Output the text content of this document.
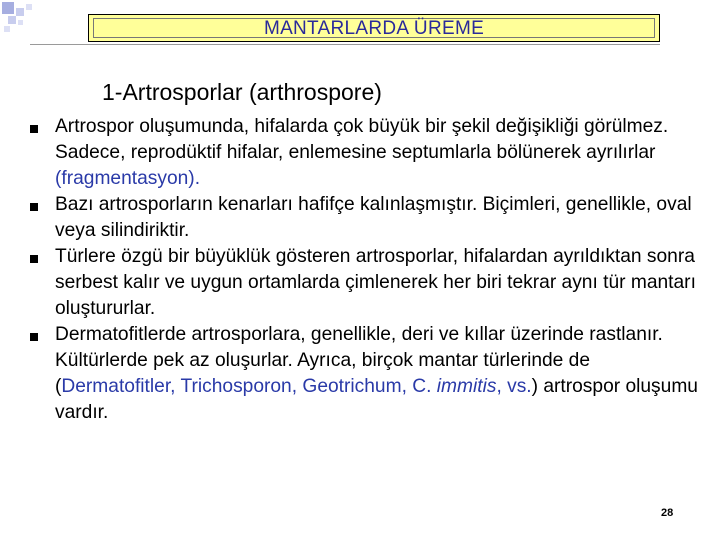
MANTARLARDA ÜREME
1-Artrosporlar (arthrospore)
Artrospor oluşumunda, hifalarda çok büyük bir şekil değişikliği görülmez. Sadece, reprodüktif hifalar, enlemesine septumlarla bölünerek ayrılırlar (fragmentasyon).
Bazı artrosporların kenarları hafifçe kalınlaşmıştır. Biçimleri, genellikle, oval veya silindiriktir.
Türlere özgü bir büyüklük gösteren artrosporlar, hifalardan ayrıldıktan sonra serbest kalır ve uygun ortamlarda çimlenerek her biri tekrar aynı tür mantarı oluştururlar.
Dermatofitlerde artrosporlara, genellikle, deri ve kıllar üzerinde rastlanır. Kültürlerde pek az oluşurlar. Ayrıca, birçok mantar türlerinde de (Dermatofitler, Trichosporon, Geotrichum, C. immitis, vs.) artrospor oluşumu vardır.
28
